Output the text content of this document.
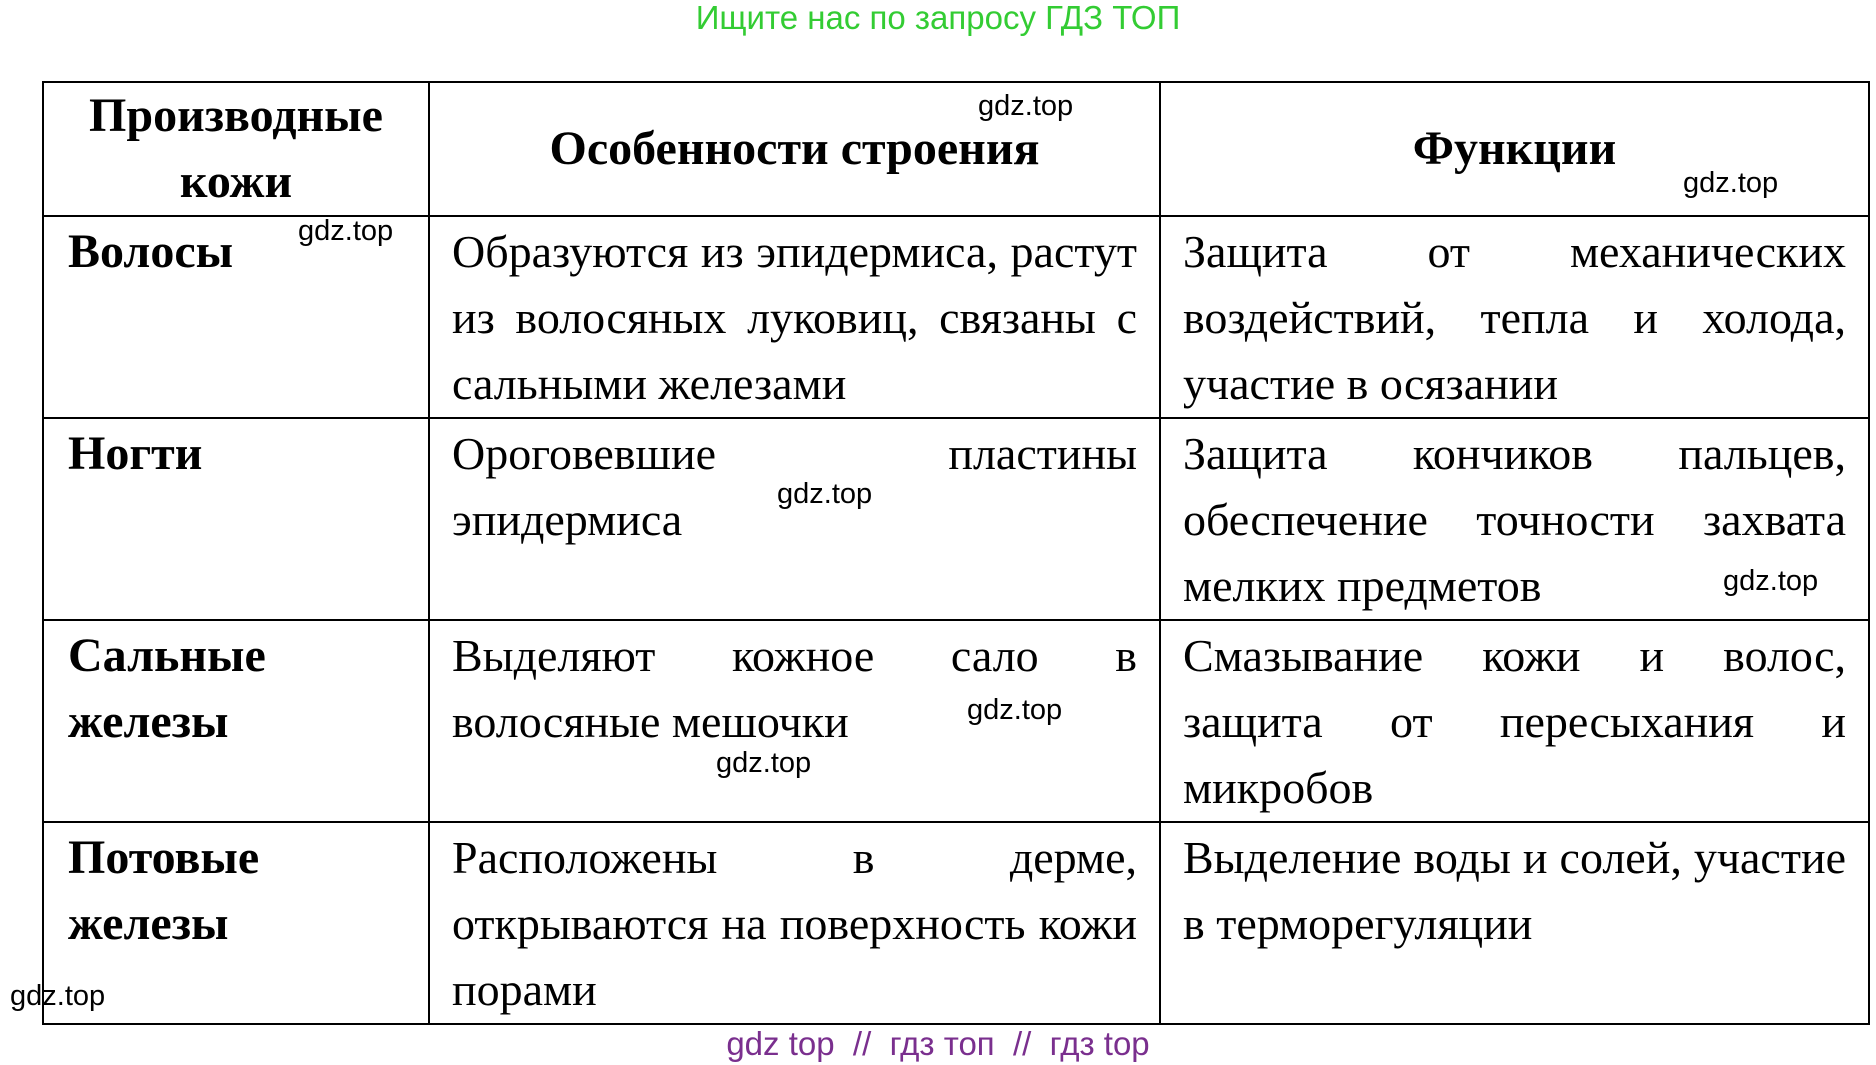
Ищите нас по запросу ГДЗ ТОП
Производные кожи	Особенности строения	Функции
Волосы	Образуются из эпидермиса, растут из волосяных луковиц, связаны с сальными железами	Защита от механических воздействий, тепла и холода, участие в осязании
Ногти	Ороговевшие пластины эпидермиса	Защита кончиков пальцев, обеспечение точности захвата мелких предметов
Сальные железы	Выделяют кожное сало в волосяные мешочки	Смазывание кожи и волос, защита от пересыхания и микробов
Потовые железы	Расположены в дерме, открываются на поверхность кожи порами	Выделение воды и солей, участие в терморегуляции
gdz.top
gdz.top
gdz.top
gdz.top
gdz.top
gdz.top
gdz.top
gdz.top
gdz top  //  гдз топ  //  гдз top
